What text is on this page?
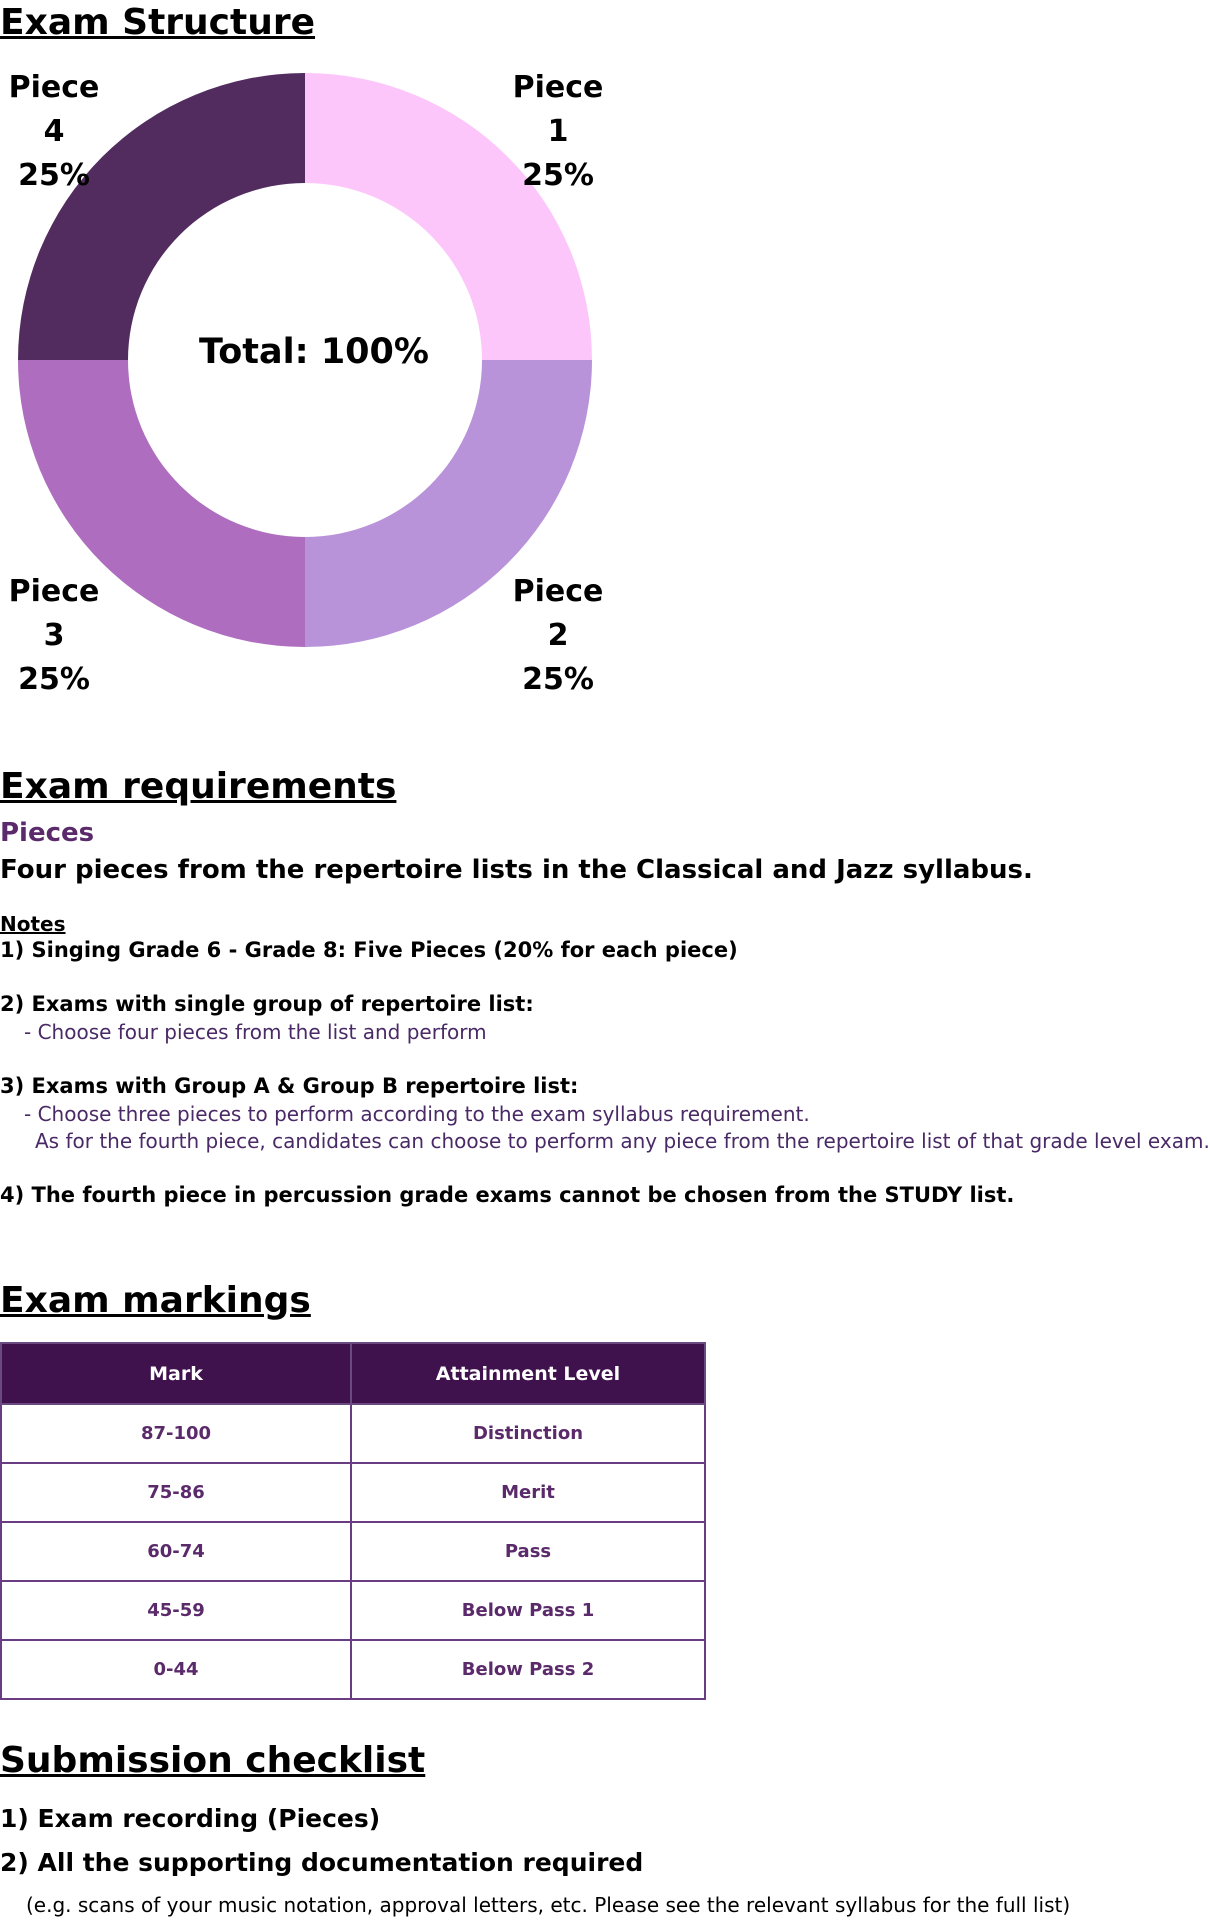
Exam Structure
Total: 100%
Piece 1
25%
Piece 2
25%
Piece 3
25%
Piece 4
25%
Exam requirements
Pieces
Four pieces from the repertoire lists in the Classical and Jazz syllabus.
Notes
1) Singing Grade 6 - Grade 8: Five Pieces (20% for each piece)
2) Exams with single group of repertoire list:
- Choose four pieces from the list and perform
3) Exams with Group A & Group B repertoire list:
- Choose three pieces to perform according to the exam syllabus requirement.
As for the fourth piece, candidates can choose to perform any piece from the repertoire list of that grade level exam.
4) The fourth piece in percussion grade exams cannot be chosen from the STUDY list.
Exam markings
Mark	Attainment Level
87-100	Distinction
75-86	Merit
60-74	Pass
45-59	Below Pass 1
0-44	Below Pass 2
Submission checklist
1) Exam recording (Pieces)
2) All the supporting documentation required
(e.g. scans of your music notation, approval letters, etc. Please see the relevant syllabus for the full list)
